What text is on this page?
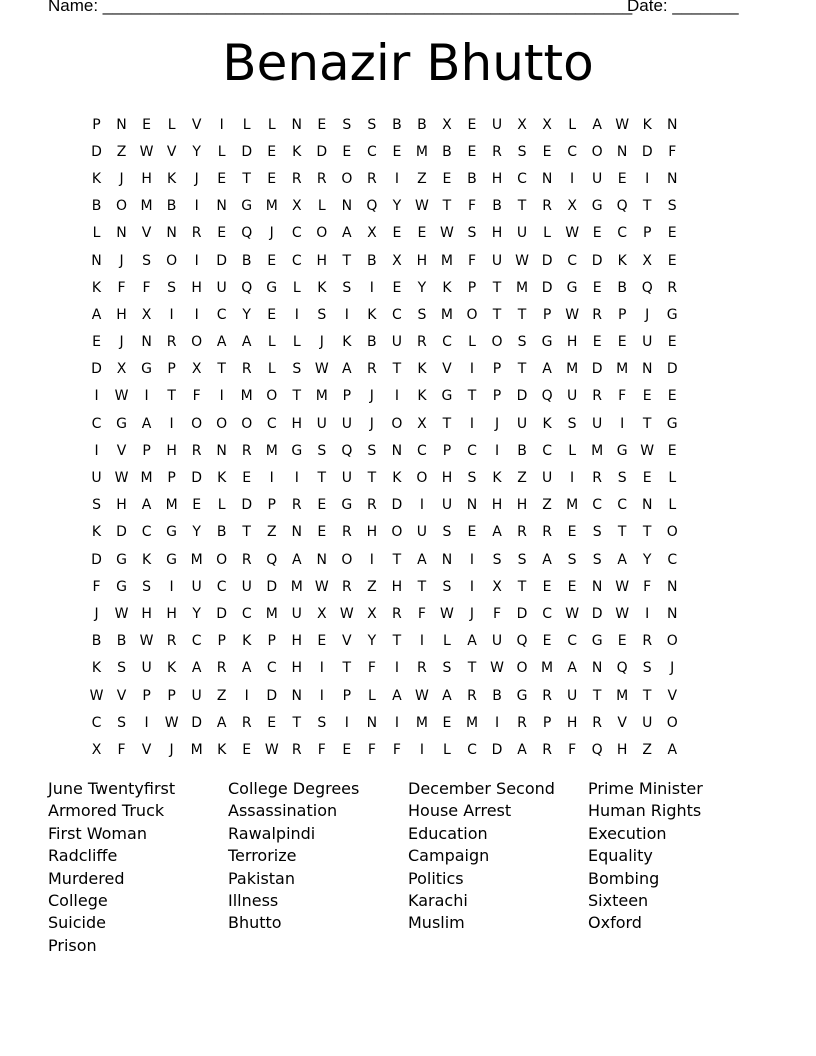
Name: ________________________________________________________
Date: _______
Benazir Bhutto
P	N	E	L	V	I	L	L	N	E	S	S	B	B	X	E	U	X	X	L	A W K	N
D	Z W V	Y	L	D	E	K	D	E	C	E	M	B	E	R	S	E	C	O	N	D	F
K	J	H	K	J	E	T	E	R	R	O	R	I	Z	E	B	H	C	N	I	U	E	I	N
B	O M	B	I	N	G M	X	L	N	Q	Y W T	F	B	T	R	X	G	Q	T	S
L	N	V	N	R	E	Q	J	C	O	A	X	E	E W S	H	U	L	W E	C	P	E
N	J	S	O	I	D	B	E	C	H	T	B	X	H M	F	U W D	C	D	K	X	E
K	F	F	S	H	U	Q	G	L	K	S	I	E	Y	K	P	T	M D	G	E	B	Q	R
A	H	X	I	I	C	Y	E	I	S	I	K	C	S	M O	T	T	P W R	P	J	G
E	J	N	R	O	A	A	L	L	J	K	B	U	R	C	L	O	S	G	H	E	E	U	E
D	X	G	P	X	T	R	L	S W A	R	T	K	V	I	P	T	A	M D M N	D
I	W	I	T	F	I	M O	T	M	P	J	I	K	G	T	P	D	Q	U	R	F	E	E
C	G	A	I	O	O	O	C	H	U	U	J	O	X	T	I	J	U	K	S	U	I	T	G
I	V	P	H	R	N	R	M G	S	Q	S	N	C	P	C	I	B	C	L	M G W E
U W M	P	D	K	E	I	I	T	U	T	K	O	H	S	K	Z	U	I	R	S	E	L
S	H	A	M	E	L	D	P	R	E	G	R	D	I	U	N	H	H	Z	M	C	C	N	L
K	D	C	G	Y	B	T	Z	N	E	R	H	O	U	S	E	A	R	R	E	S	T	T	O
D	G	K	G M O	R	Q	A	N	O	I	T	A	N	I	S	S	A	S	S	A	Y	C
F	G	S	I	U	C	U	D M W R	Z	H	T	S	I	X	T	E	E	N W	F	N
J	W H	H	Y	D	C	M U	X W X	R	F	W	J	F	D	C W D W	I	N
B	B W R	C	P	K	P	H	E	V	Y	T	I	L	A	U	Q	E	C	G	E	R	O
K	S	U	K	A	R	A	C	H	I	T	F	I	R	S	T W O M	A	N	Q	S	J
W V	P	P	U	Z	I	D	N	I	P	L	A W A	R	B	G	R	U	T	M	T	V
C	S	I	W D	A	R	E	T	S	I	N	I	M	E	M	I	R	P	H	R	V	U	O
X	F	V	J	M	K	E W R	F	E	F	F	I	L	C	D	A	R	F	Q	H	Z	A
June Twentyfirst	College Degrees	December Second	Prime Minister
Armored Truck	Assassination	House Arrest	Human Rights
First Woman	Rawalpindi	Education	Execution
Radcliffe	Terrorize	Campaign	Equality
Murdered	Pakistan	Politics	Bombing
College	Illness	Karachi	Sixteen
Suicide	Bhutto	Muslim	Oxford
Prison
